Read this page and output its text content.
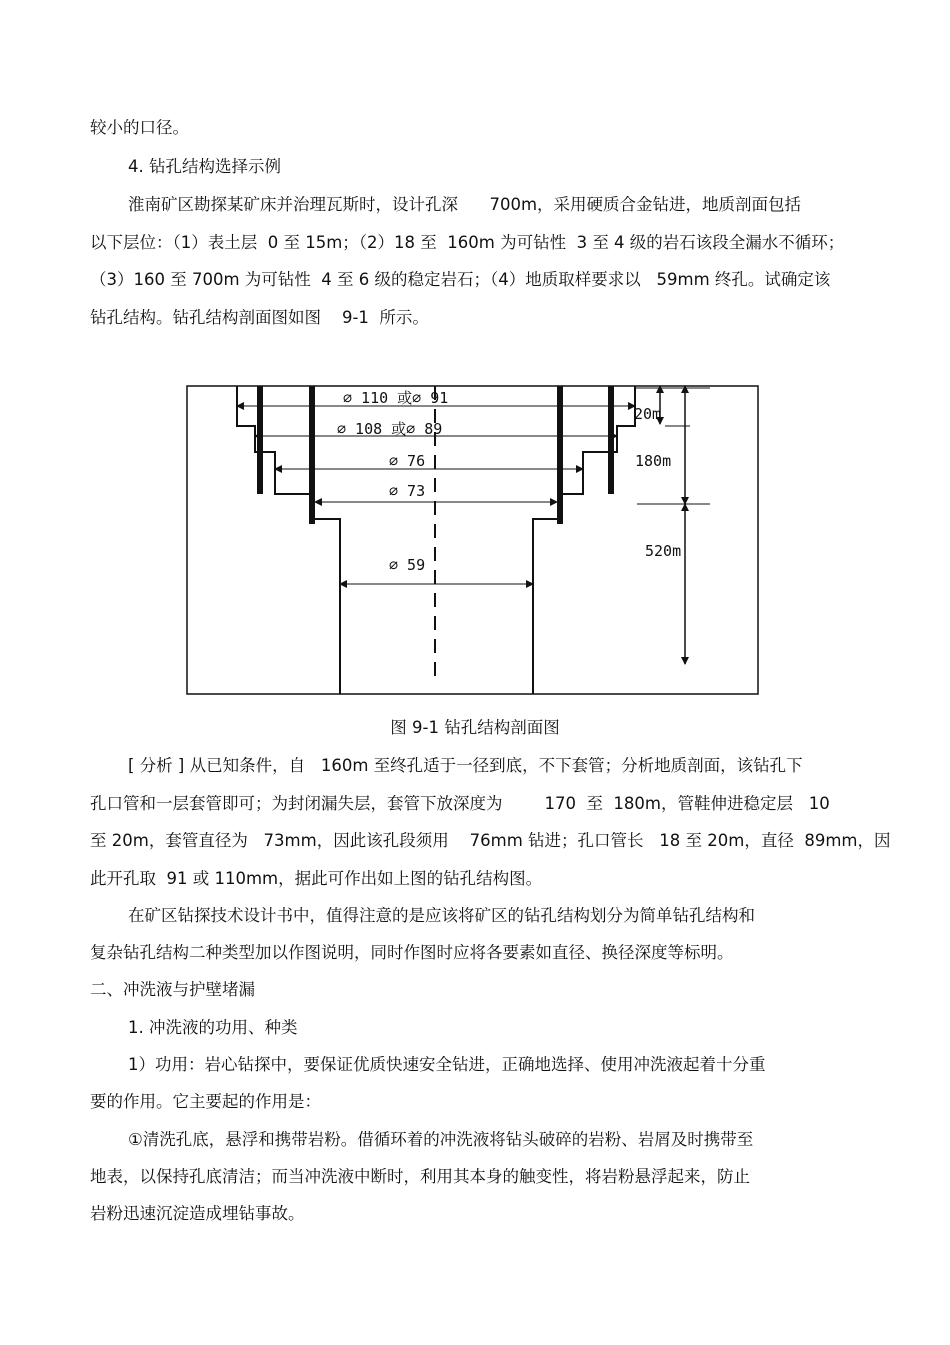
较小的口径。
4. 钻孔结构选择示例
淮南矿区勘探某矿床并治理瓦斯时，设计孔深      700m，采用硬质合金钻进，地质剖面包括
以下层位：（1）表土层  0 至 15m；（2）18 至  160m 为可钻性  3 至 4 级的岩石该段全漏水不循环；
（3）160 至 700m 为可钻性  4 至 6 级的稳定岩石；（4）地质取样要求以   59mm 终孔。试确定该
钻孔结构。钻孔结构剖面图如图    9-1  所示。
⌀ 110 或⌀ 91
⌀ 108 或⌀ 89
⌀ 76
⌀ 73
⌀ 59
20m
180m
520m
图 9-1 钻孔结构剖面图
[ 分析 ] 从已知条件，自   160m 至终孔适于一径到底，不下套管；分析地质剖面，该钻孔下
孔口管和一层套管即可；为封闭漏失层，套管下放深度为        170  至  180m，管鞋伸进稳定层   10
至 20m，套管直径为   73mm，因此该孔段须用    76mm 钻进；孔口管长   18 至 20m，直径  89mm，因
此开孔取  91 或 110mm，据此可作出如上图的钻孔结构图。
在矿区钻探技术设计书中，值得注意的是应该将矿区的钻孔结构划分为简单钻孔结构和
复杂钻孔结构二种类型加以作图说明，同时作图时应将各要素如直径、换径深度等标明。
二、冲洗液与护壁堵漏
1. 冲洗液的功用、种类
1）功用：岩心钻探中，要保证优质快速安全钻进，正确地选择、使用冲洗液起着十分重
要的作用。它主要起的作用是：
①清洗孔底，悬浮和携带岩粉。借循环着的冲洗液将钻头破碎的岩粉、岩屑及时携带至
地表，以保持孔底清洁；而当冲洗液中断时，利用其本身的触变性，将岩粉悬浮起来，防止
岩粉迅速沉淀造成埋钻事故。
